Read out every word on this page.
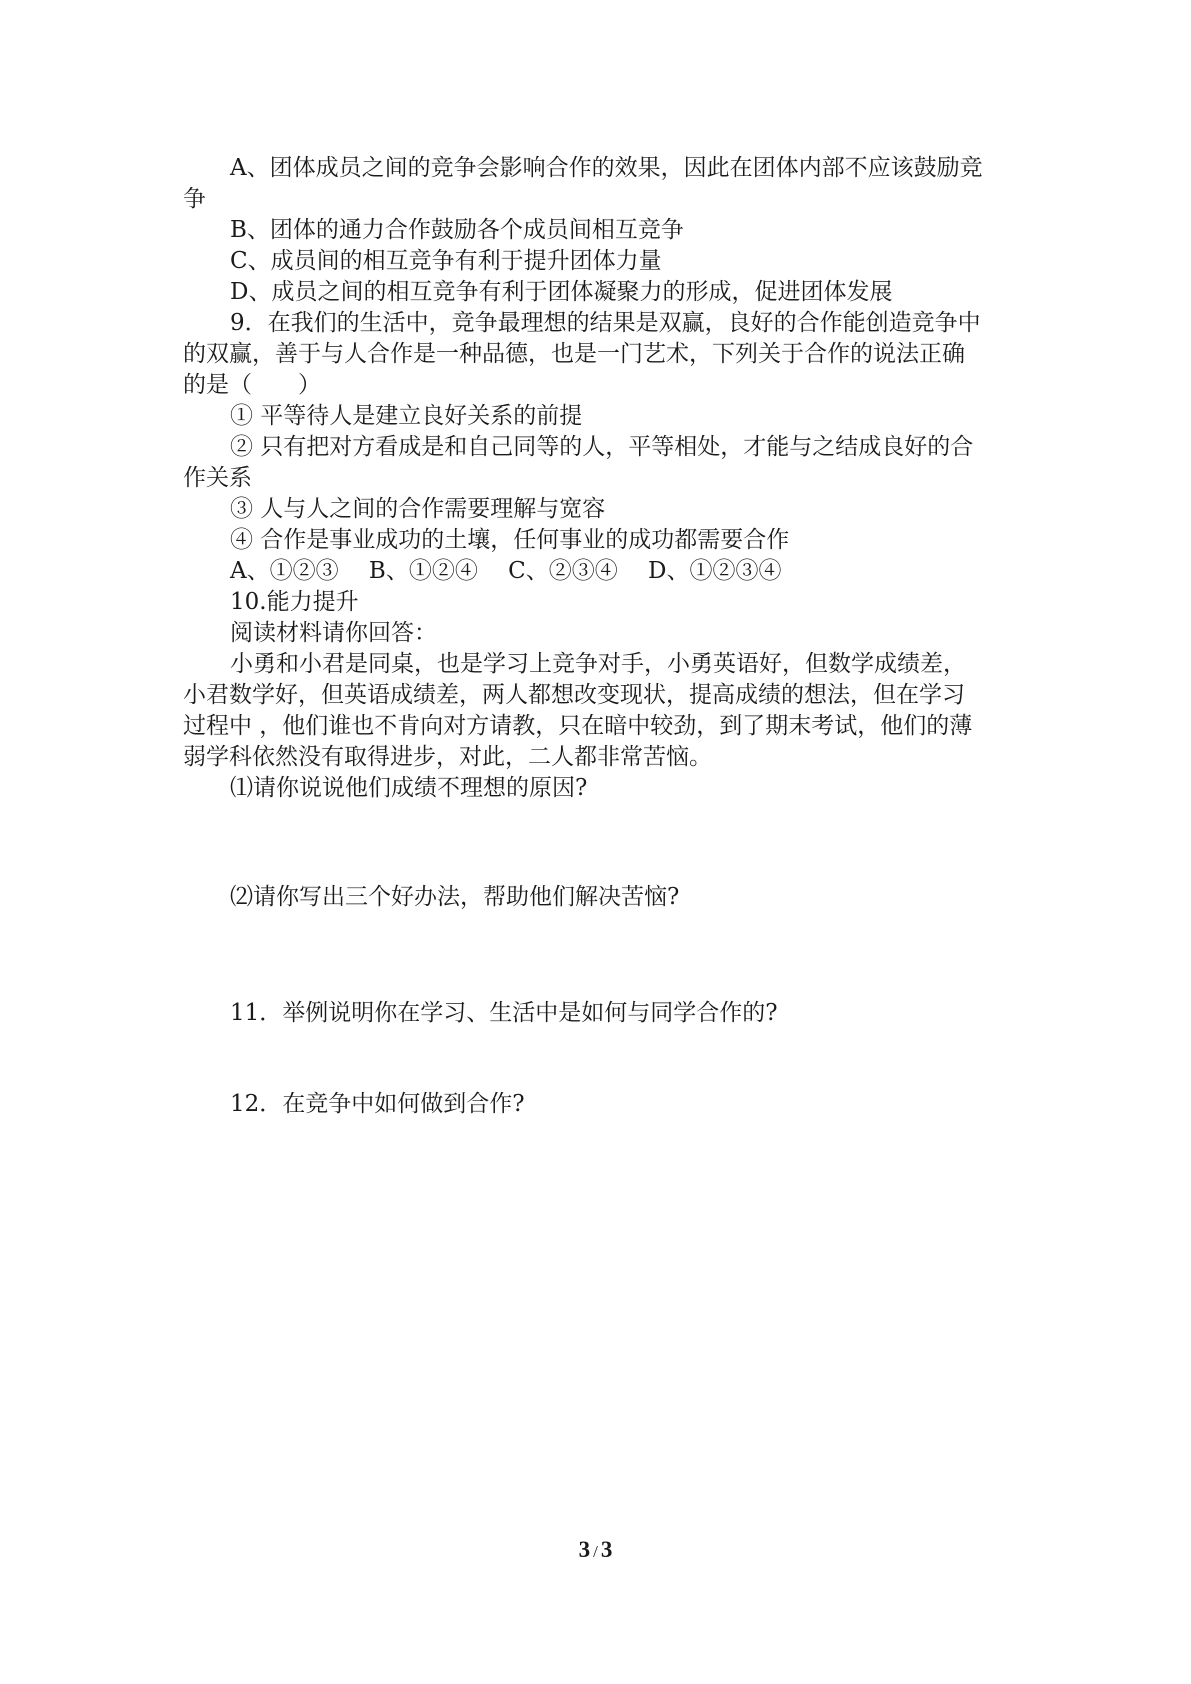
A、团体成员之间的竞争会影响合作的效果，因此在团体内部不应该鼓励竞

争

B、团体的通力合作鼓励各个成员间相互竞争

C、成员间的相互竞争有利于提升团体力量

D、成员之间的相互竞争有利于团体凝聚力的形成，促进团体发展

9．在我们的生活中，竞争最理想的结果是双赢，良好的合作能创造竞争中

的双赢，善于与人合作是一种品德，也是一门艺术，下列关于合作的说法正确

的是（　　）

① 平等待人是建立良好关系的前提

② 只有把对方看成是和自己同等的人，平等相处，才能与之结成良好的合

作关系

③ 人与人之间的合作需要理解与宽容

④ 合作是事业成功的土壤，任何事业的成功都需要合作

A、①②③　 B、①②④　 C、②③④　 D、①②③④

10.能力提升

阅读材料请你回答：

小勇和小君是同桌，也是学习上竞争对手，小勇英语好，但数学成绩差，

小君数学好，但英语成绩差，两人都想改变现状，提高成绩的想法，但在学习

过程中 ，他们谁也不肯向对方请教，只在暗中较劲，到了期末考试，他们的薄

弱学科依然没有取得进步，对此，二人都非常苦恼。

⑴请你说说他们成绩不理想的原因?

⑵请你写出三个好办法，帮助他们解决苦恼?

11．举例说明你在学习、生活中是如何与同学合作的?

12．在竞争中如何做到合作?

3 / 3
